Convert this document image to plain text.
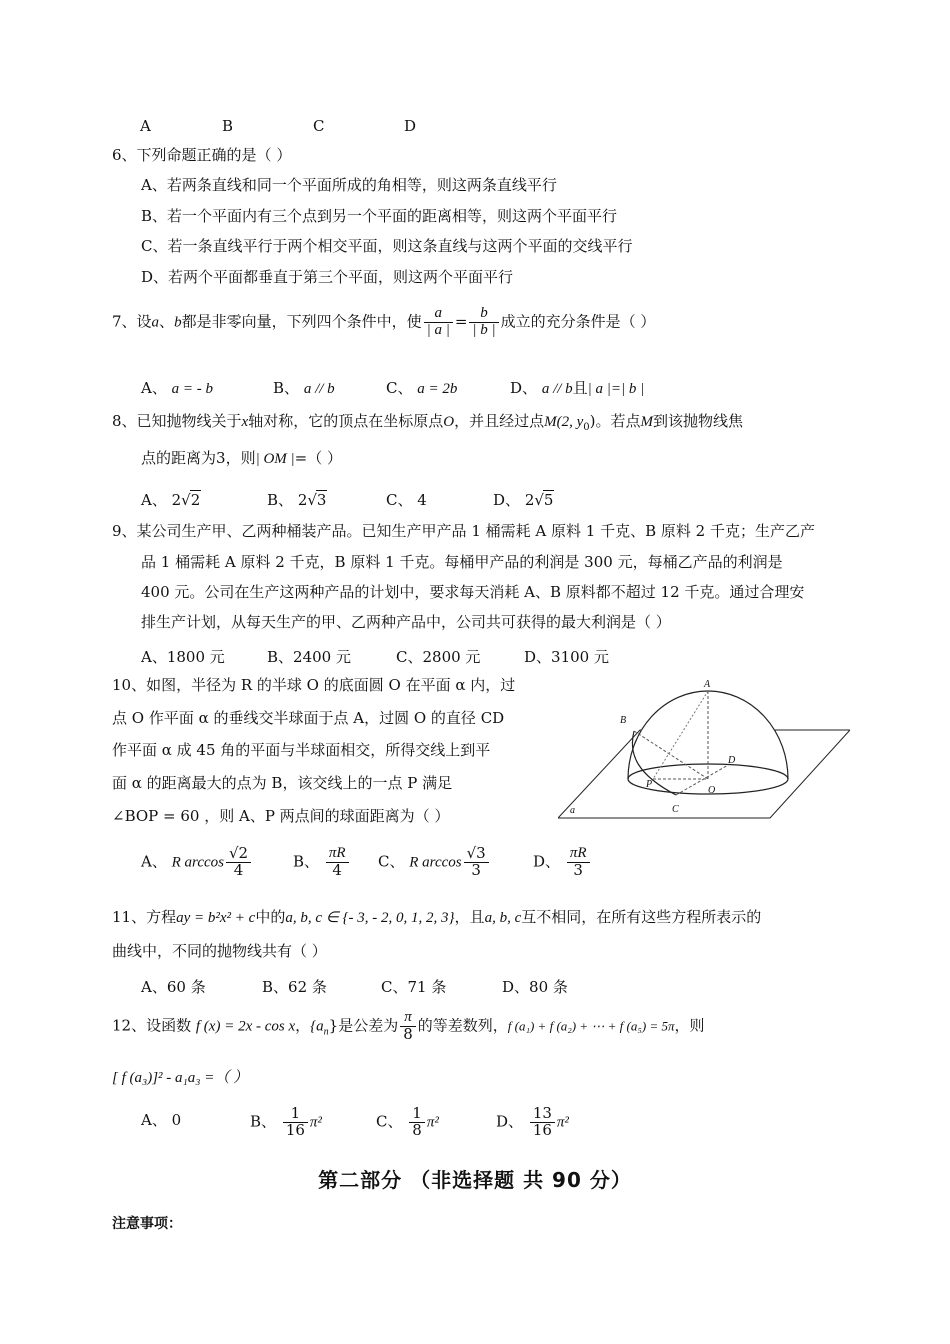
A	B	C	D
6、下列命题正确的是（ ）
A、若两条直线和同一个平面所成的角相等，则这两条直线平行
B、若一个平面内有三个点到另一个平面的距离相等，则这两个平面平行
C、若一条直线平行于两个相交平面，则这条直线与这两个平面的交线平行
D、若两个平面都垂直于第三个平面，则这两个平面平行
7、设a、b都是非零向量，下列四个条件中，使 $\frac{a}{| a |} = \frac{b}{| b |}$ 成立的充分条件是（ ）
A、 a = - b	B、 a // b	C、 a = 2b	D、 a // b且| a |=| b |
8、已知抛物线关于x轴对称，它的顶点在坐标原点O，并且经过点M(2, $y_0$)。若点M到该抛物线焦
点的距离为3，则| OM |=（ ）
A、 2√2	B、 2√3	C、 4	D、 2√5
9、某公司生产甲、乙两种桶装产品。已知生产甲产品 1 桶需耗 A 原料 1 千克、B 原料 2 千克；生产乙产
品 1 桶需耗 A 原料 2 千克，B 原料 1 千克。每桶甲产品的利润是 300 元，每桶乙产品的利润是
400 元。公司在生产这两种产品的计划中，要求每天消耗 A、B 原料都不超过 12 千克。通过合理安
排生产计划，从每天生产的甲、乙两种产品中，公司共可获得的最大利润是（ ）
A、1800 元	B、2400 元	C、2800 元	D、3100 元
10、如图，半径为 R 的半球 O 的底面圆 O 在平面 α 内，过
点 O 作平面 α 的垂线交半球面于点 A，过圆 O 的直径 CD
作平面 α 成 45 角的平面与半球面相交，所得交线上到平
面 α 的距离最大的点为 B，该交线上的一点 P 满足
∠BOP = 60 ，则 A、P 两点间的球面距离为（ ）
A
B
D
P
O
C
a
A、 R $\arccos \frac{√2}{4}$	B、 $\frac{\pi R}{4}$ C、 R $\arccos \frac{√3}{3}$	D、 $\frac{\pi R}{3}$
11、方程ay = b²x² + c中的a, b, c ∈ {- 3, - 2, 0, 1, 2, 3}，且a, b, c互不相同，在所有这些方程所表示的
曲线中，不同的抛物线共有（ ）
A、60 条	B、62 条	C、71 条	D、80 条
12、设函数 f (x) = 2x - cos x，$\{a_n\}$是公差为 $\frac{\pi}{8}$ 的等差数列，f (a₁) + f (a₂) + ⋯ + f (a₅) = 5π，则
[ f (a₃)]² - a₁a₃ =（ ）
A、 0	B、 $\frac{1}{16} \pi^2$	C、 $\frac{1}{8} \pi^2$	D、 $\frac{13}{16} \pi^2$
第二部分 （非选择题 共 90 分）
注意事项：
